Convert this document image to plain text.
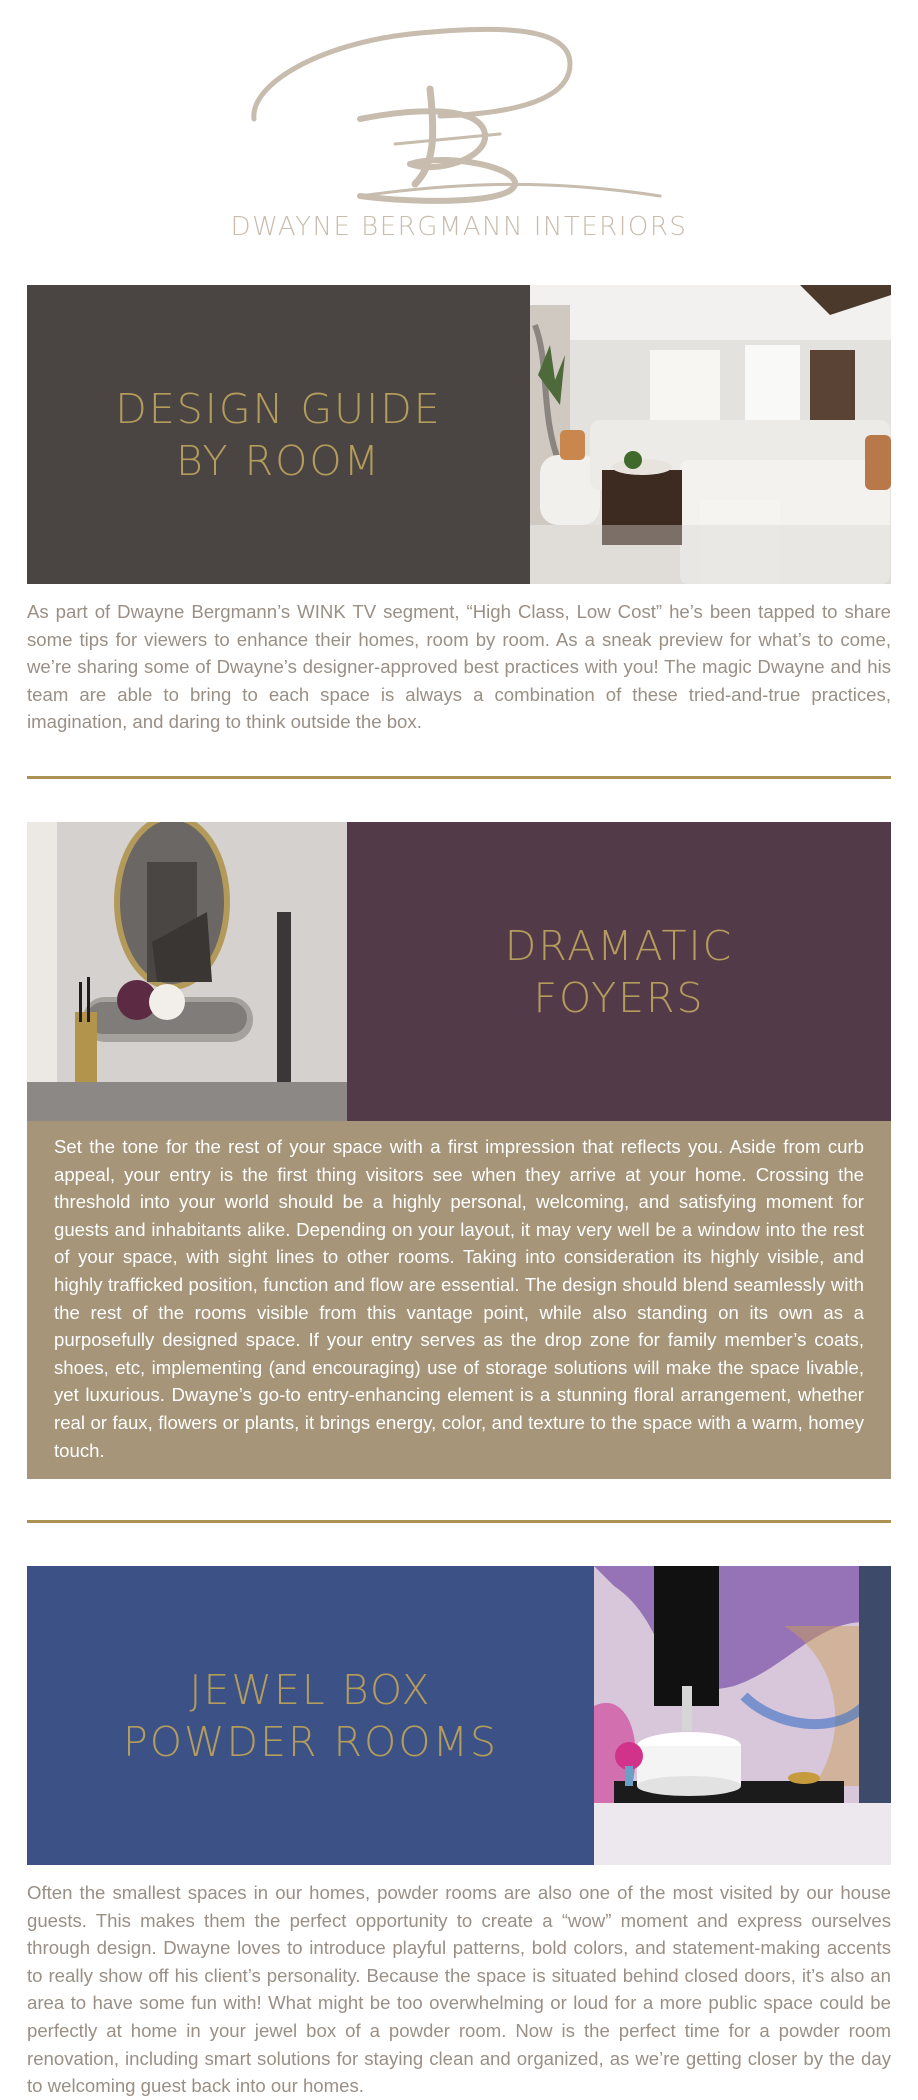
DWAYNE BERGMANN INTERIORS
DESIGN GUIDE
BY ROOM

As part of Dwayne Bergmann’s WINK TV segment, “High Class, Low Cost” he’s been tapped to share some tips for viewers to enhance their homes, room by room. As a sneak preview for what’s to come, we’re sharing some of Dwayne’s designer-approved best practices with you! The magic Dwayne and his team are able to bring to each space is always a combination of these tried-and-true practices, imagination, and daring to think outside the box.

DRAMATIC
FOYERS

Set the tone for the rest of your space with a first impression that reflects you. Aside from curb appeal, your entry is the first thing visitors see when they arrive at your home. Crossing the threshold into your world should be a highly personal, welcoming, and satisfying moment for guests and inhabitants alike. Depending on your layout, it may very well be a window into the rest of your space, with sight lines to other rooms. Taking into consideration its highly visible, and highly trafficked position, function and flow are essential. The design should blend seamlessly with the rest of the rooms visible from this vantage point, while also standing on its own as a purposefully designed space. If your entry serves as the drop zone for family member’s coats, shoes, etc, implementing (and encouraging) use of storage solutions will make the space livable, yet luxurious. Dwayne’s go-to entry-enhancing element is a stunning floral arrangement, whether real or faux, flowers or plants, it brings energy, color, and texture to the space with a warm, homey touch.

JEWEL BOX
POWDER ROOMS

Often the smallest spaces in our homes, powder rooms are also one of the most visited by our house guests. This makes them the perfect opportunity to create a “wow” moment and express ourselves through design. Dwayne loves to introduce playful patterns, bold colors, and statement-making accents to really show off his client’s personality. Because the space is situated behind closed doors, it’s also an area to have some fun with! What might be too overwhelming or loud for a more public space could be perfectly at home in your jewel box of a powder room. Now is the perfect time for a powder room renovation, including smart solutions for staying clean and organized, as we’re getting closer by the day to welcoming guest back into our homes.
